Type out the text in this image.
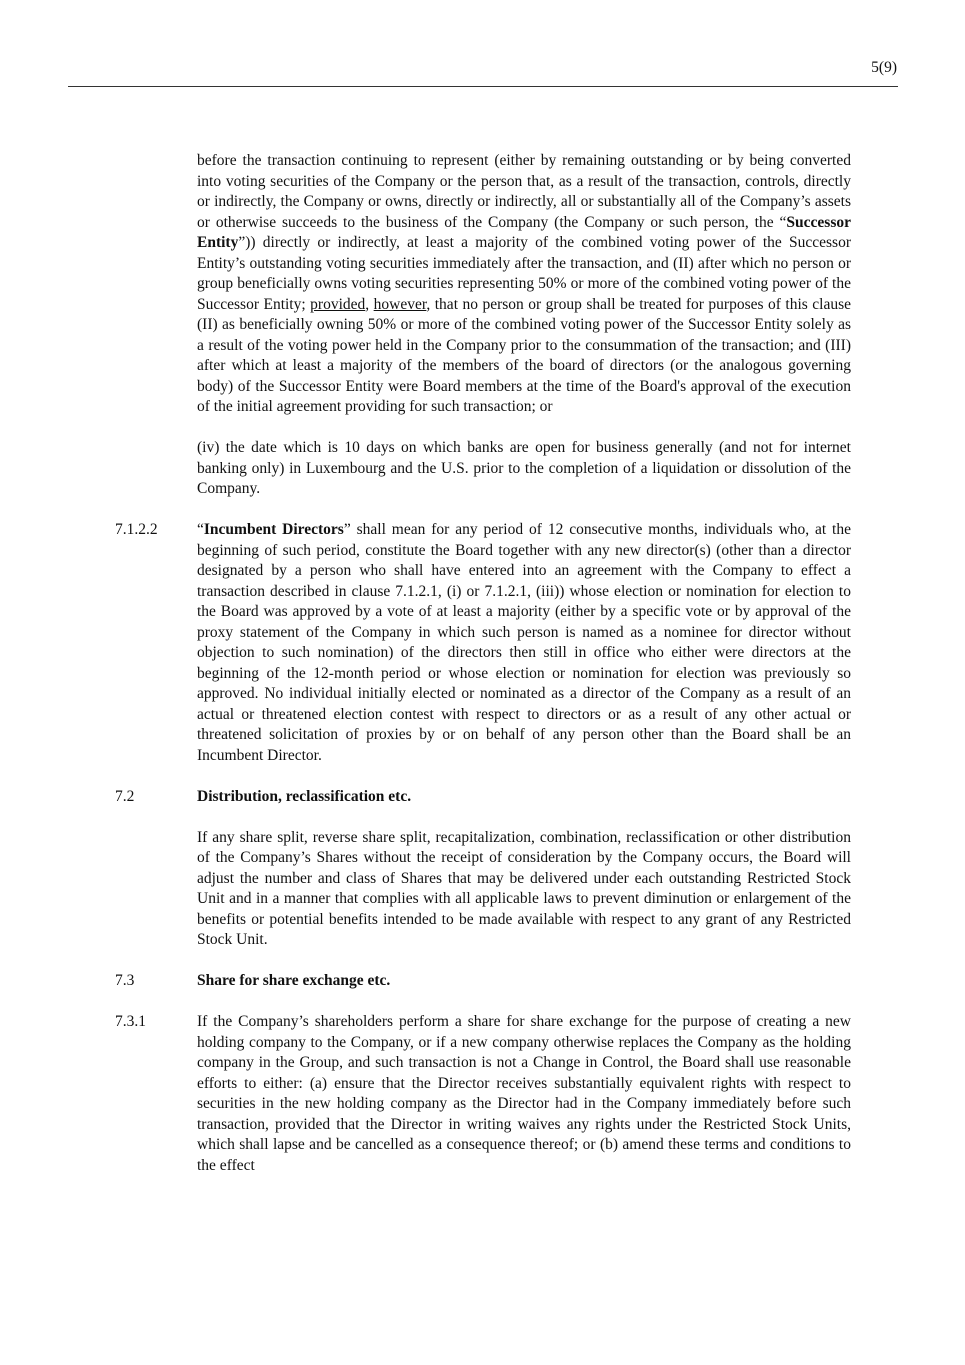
5(9)

before the transaction continuing to represent (either by remaining outstanding or by being converted into voting securities of the Company or the person that, as a result of the transaction, controls, directly or indirectly, the Company or owns, directly or indirectly, all or substantially all of the Company’s assets or otherwise succeeds to the business of the Company (the Company or such person, the “Successor Entity”)) directly or indirectly, at least a majority of the combined voting power of the Successor Entity’s outstanding voting securities immediately after the transaction, and (II) after which no person or group beneficially owns voting securities representing 50% or more of the combined voting power of the Successor Entity; provided, however, that no person or group shall be treated for purposes of this clause (II) as beneficially owning 50% or more of the combined voting power of the Successor Entity solely as a result of the voting power held in the Company prior to the consummation of the transaction; and (III) after which at least a majority of the members of the board of directors (or the analogous governing body) of the Successor Entity were Board members at the time of the Board's approval of the execution of the initial agreement providing for such transaction; or

(iv) the date which is 10 days on which banks are open for business generally (and not for internet banking only) in Luxembourg and the U.S. prior to the completion of a liquidation or dissolution of the Company.

7.1.2.2	“Incumbent Directors” shall mean for any period of 12 consecutive months, individuals who, at the beginning of such period, constitute the Board together with any new director(s) (other than a director designated by a person who shall have entered into an agreement with the Company to effect a transaction described in clause 7.1.2.1, (i) or 7.1.2.1, (iii)) whose election or nomination for election to the Board was approved by a vote of at least a majority (either by a specific vote or by approval of the proxy statement of the Company in which such person is named as a nominee for director without objection to such nomination) of the directors then still in office who either were directors at the beginning of the 12-month period or whose election or nomination for election was previously so approved. No individual initially elected or nominated as a director of the Company as a result of an actual or threatened election contest with respect to directors or as a result of any other actual or threatened solicitation of proxies by or on behalf of any person other than the Board shall be an Incumbent Director.
7.2	Distribution, reclassification etc.

If any share split, reverse share split, recapitalization, combination, reclassification or other distribution of the Company’s Shares without the receipt of consideration by the Company occurs, the Board will adjust the number and class of Shares that may be delivered under each outstanding Restricted Stock Unit and in a manner that complies with all applicable laws to prevent diminution or enlargement of the benefits or potential benefits intended to be made available with respect to any grant of any Restricted Stock Unit.

7.3	Share for share exchange etc.
7.3.1	If the Company’s shareholders perform a share for share exchange for the purpose of creating a new holding company to the Company, or if a new company otherwise replaces the Company as the holding company in the Group, and such transaction is not a Change in Control, the Board shall use reasonable efforts to either: (a) ensure that the Director receives substantially equivalent rights with respect to securities in the new holding company as the Director had in the Company immediately before such transaction, provided that the Director in writing waives any rights under the Restricted Stock Units, which shall lapse and be cancelled as a consequence thereof; or (b) amend these terms and conditions to the effect
